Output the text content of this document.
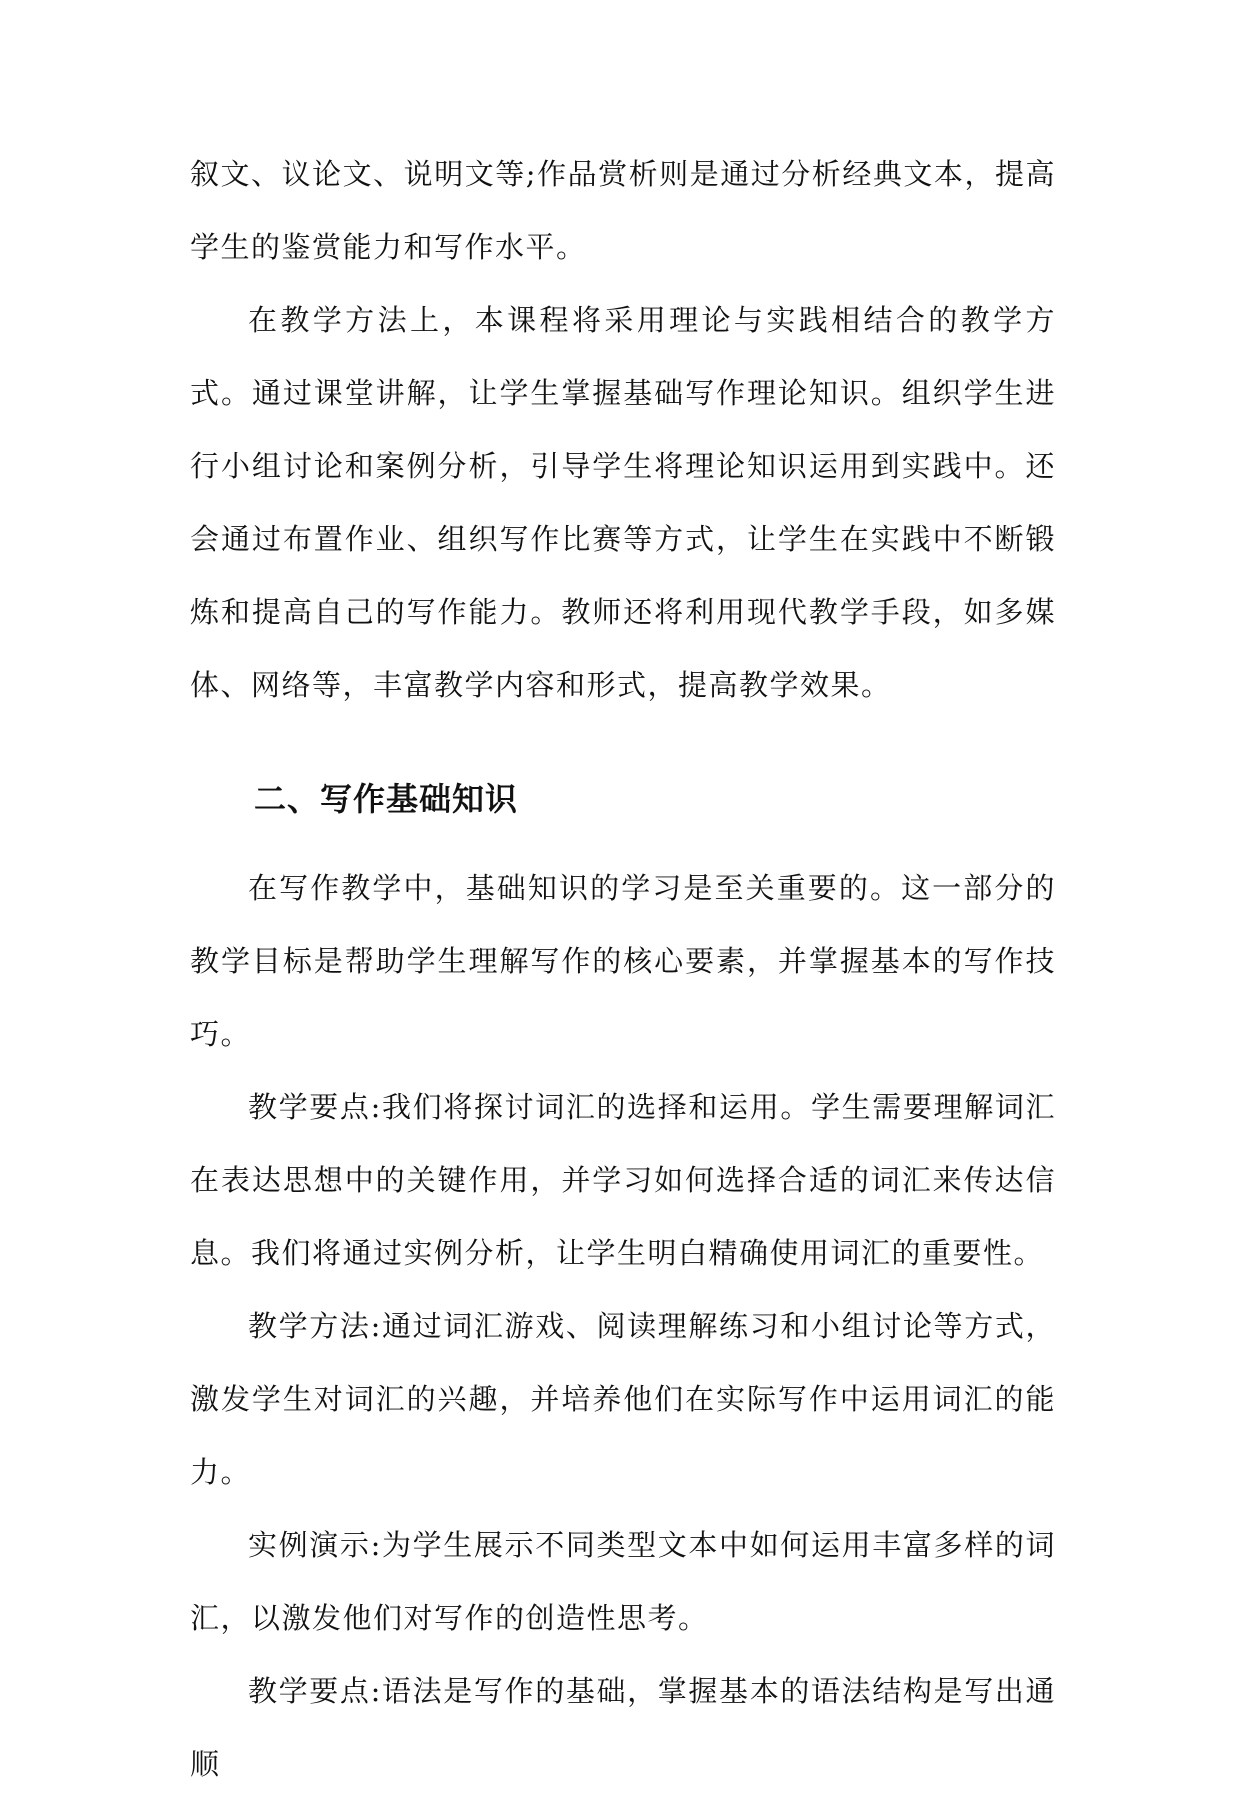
叙文、议论文、说明文等;作品赏析则是通过分析经典文本，提高学生的鉴赏能力和写作水平。

在教学方法上，本课程将采用理论与实践相结合的教学方式。通过课堂讲解，让学生掌握基础写作理论知识。组织学生进行小组讨论和案例分析，引导学生将理论知识运用到实践中。还会通过布置作业、组织写作比赛等方式，让学生在实践中不断锻炼和提高自己的写作能力。教师还将利用现代教学手段，如多媒体、网络等，丰富教学内容和形式，提高教学效果。

二、写作基础知识

在写作教学中，基础知识的学习是至关重要的。这一部分的教学目标是帮助学生理解写作的核心要素，并掌握基本的写作技巧。

教学要点:我们将探讨词汇的选择和运用。学生需要理解词汇在表达思想中的关键作用，并学习如何选择合适的词汇来传达信息。我们将通过实例分析，让学生明白精确使用词汇的重要性。

教学方法:通过词汇游戏、阅读理解练习和小组讨论等方式，激发学生对词汇的兴趣，并培养他们在实际写作中运用词汇的能力。

实例演示:为学生展示不同类型文本中如何运用丰富多样的词汇，以激发他们对写作的创造性思考。

教学要点:语法是写作的基础，掌握基本的语法结构是写出通顺
